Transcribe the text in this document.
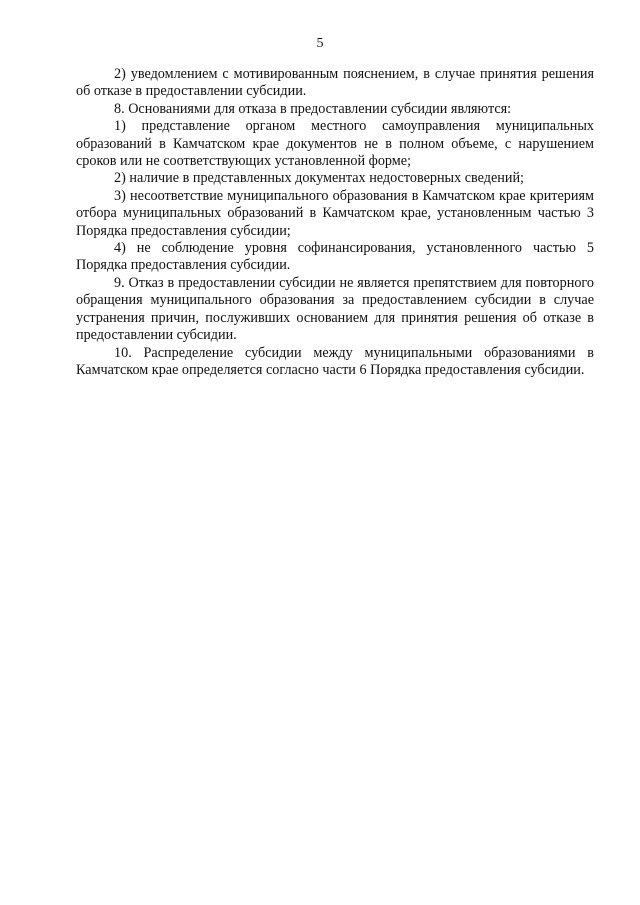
5

2) уведомлением с мотивированным пояснением, в случае принятия решения об отказе в предоставлении субсидии.

8. Основаниями для отказа в предоставлении субсидии являются:

1) представление органом местного самоуправления муниципальных образований в Камчатском крае документов не в полном объеме, с нарушением сроков или не соответствующих установленной форме;

2) наличие в представленных документах недостоверных сведений;

3) несоответствие муниципального образования в Камчатском крае критериям отбора муниципальных образований в Камчатском крае, установленным частью 3 Порядка предоставления субсидии;

4) не соблюдение уровня софинансирования, установленного частью 5 Порядка предоставления субсидии.

9. Отказ в предоставлении субсидии не является препятствием для повторного обращения муниципального образования за предоставлением субсидии в случае устранения причин, послуживших основанием для принятия решения об отказе в предоставлении субсидии.

10. Распределение субсидии между муниципальными образованиями в Камчатском крае определяется согласно части 6 Порядка предоставления субсидии.
